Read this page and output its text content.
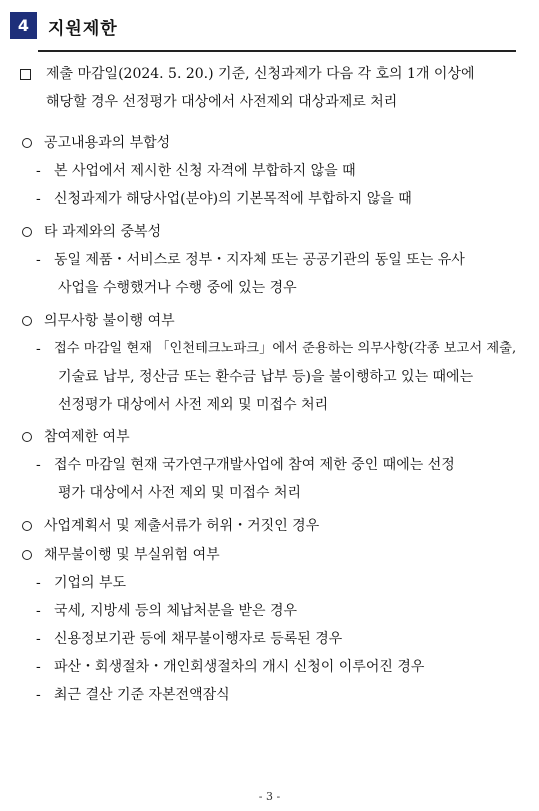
4	지원제한
제출 마감일(2024. 5. 20.) 기준, 신청과제가 다음 각 호의 1개 이상에
해당할 경우 선정평가 대상에서 사전제외 대상과제로 처리
공고내용과의 부합성
- 본 사업에서 제시한 신청 자격에 부합하지 않을 때
- 신청과제가 해당사업(분야)의 기본목적에 부합하지 않을 때
타 과제와의 중복성
- 동일 제품・서비스로 정부・지자체 또는 공공기관의 동일 또는 유사
사업을 수행했거나 수행 중에 있는 경우
의무사항 불이행 여부
- 접수 마감일 현재 「인천테크노파크」에서 준용하는 의무사항(각종 보고서 제출,
기술료 납부, 정산금 또는 환수금 납부 등)을 불이행하고 있는 때에는
선정평가 대상에서 사전 제외 및 미접수 처리
참여제한 여부
- 접수 마감일 현재 국가연구개발사업에 참여 제한 중인 때에는 선정
평가 대상에서 사전 제외 및 미접수 처리
사업계획서 및 제출서류가 허위・거짓인 경우
채무불이행 및 부실위험 여부
- 기업의 부도
- 국세, 지방세 등의 체납처분을 받은 경우
- 신용정보기관 등에 채무불이행자로 등록된 경우
- 파산・회생절차・개인회생절차의 개시 신청이 이루어진 경우
- 최근 결산 기준 자본전액잠식
- 3 -
